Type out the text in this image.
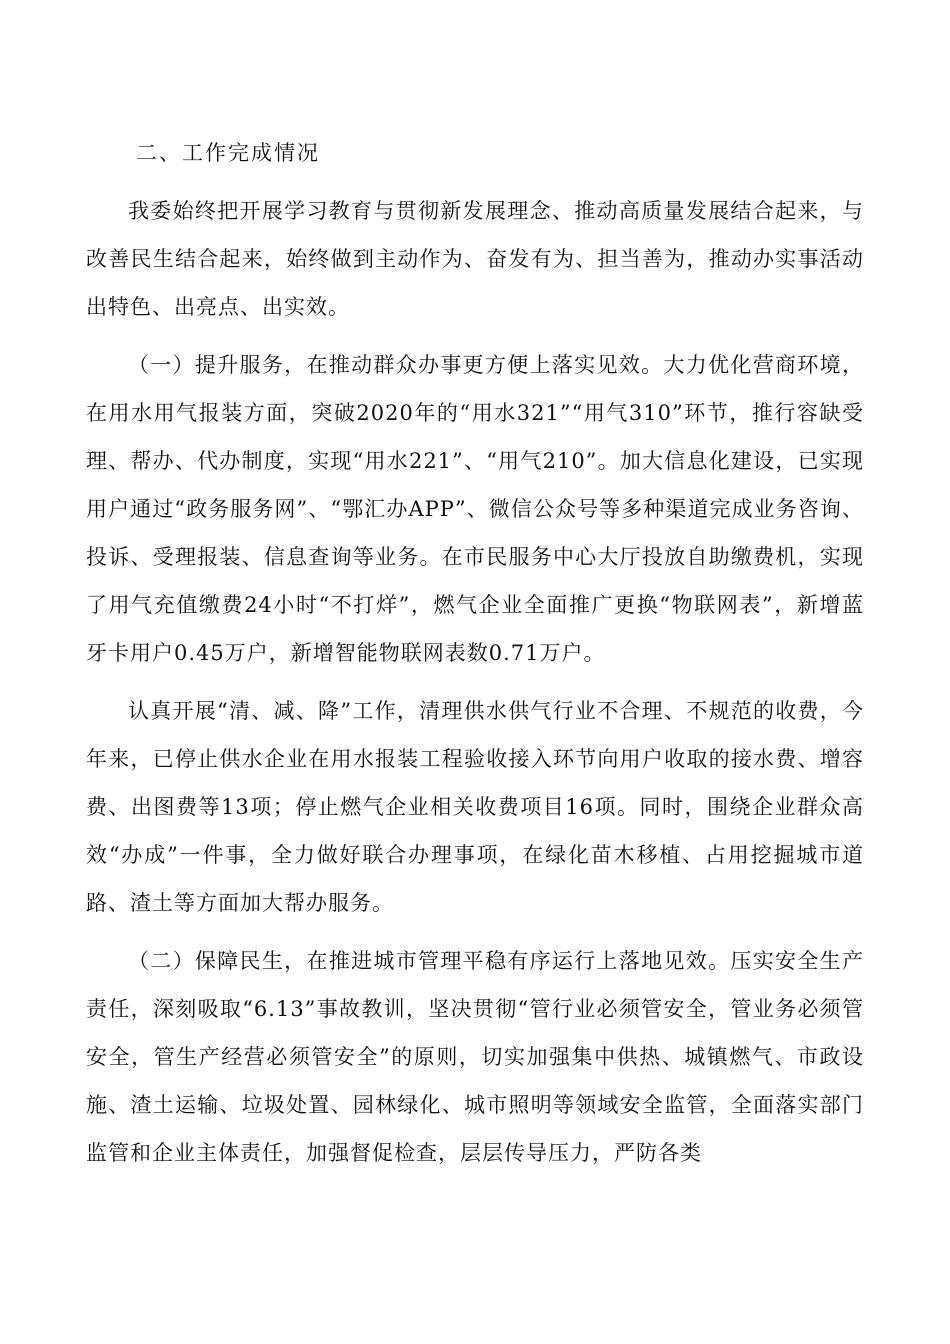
二、工作完成情况

我委始终把开展学习教育与贯彻新发展理念、推动高质量发展结合起来，与改善民生结合起来，始终做到主动作为、奋发有为、担当善为，推动办实事活动出特色、出亮点、出实效。

（一）提升服务，在推动群众办事更方便上落实见效。大力优化营商环境，在用水用气报装方面，突破2020年的“用水321”“用气310”环节，推行容缺受理、帮办、代办制度，实现“用水221”、“用气210”。加大信息化建设，已实现用户通过“政务服务网”、“鄂汇办APP”、微信公众号等多种渠道完成业务咨询、投诉、受理报装、信息查询等业务。在市民服务中心大厅投放自助缴费机，实现了用气充值缴费24小时“不打烊”，燃气企业全面推广更换“物联网表”，新增蓝牙卡用户0.45万户，新增智能物联网表数0.71万户。

认真开展“清、减、降”工作，清理供水供气行业不合理、不规范的收费，今年来，已停止供水企业在用水报装工程验收接入环节向用户收取的接水费、增容费、出图费等13项；停止燃气企业相关收费项目16项。同时，围绕企业群众高效“办成”一件事，全力做好联合办理事项，在绿化苗木移植、占用挖掘城市道路、渣土等方面加大帮办服务。

（二）保障民生，在推进城市管理平稳有序运行上落地见效。压实安全生产责任，深刻吸取“6.13”事故教训，坚决贯彻“管行业必须管安全，管业务必须管安全，管生产经营必须管安全”的原则，切实加强集中供热、城镇燃气、市政设施、渣土运输、垃圾处置、园林绿化、城市照明等领域安全监管，全面落实部门监管和企业主体责任，加强督促检查，层层传导压力，严防各类
